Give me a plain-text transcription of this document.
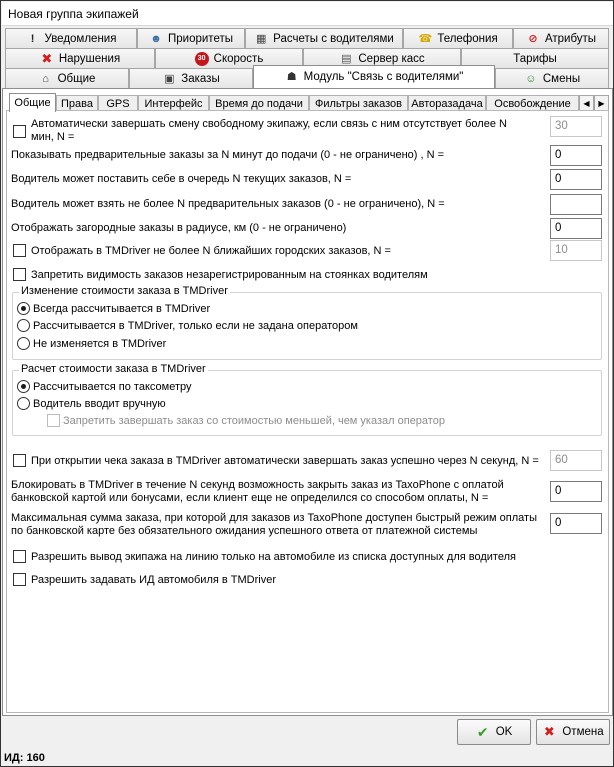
Новая группа экипажей
! Уведомления	☻ Приоритеты ▦ Расчеты с водителями ☎ Телефония	⊘ Атрибуты
✖ Нарушения	30 Скорость	▤ Сервер касс	Тарифы
⌂ Общие	▣ Заказы	☗ Модуль "Связь с водителями"	☺ Смены
Общие Права	GPS	Интерфейс	Время до подачи	Фильтры заказов Авторазадача	Освобождение	◀	▶
Автоматически завершать смену свободному экипажу, если связь с ним отсутствует более N мин, N =
30
Показывать предварительные заказы за N минут до подачи (0 - не ограничено) , N =	0
Водитель может поставить себе в очередь N текущих заказов, N =	0
Водитель может взять не более N предварительных заказов (0 - не ограничено), N =
Отображать загородные заказы в радиусе, км (0 - не ограничено)	0
Отображать в TMDriver не более N ближайших городских заказов, N =	10
Запретить видимость заказов незарегистрированным на стоянках водителям
Изменение стоимости заказа в TMDriver
Всегда рассчитывается в TMDriver
Рассчитывается в TMDriver, только если не задана оператором
Не изменяется в TMDriver
Расчет стоимости заказа в TMDriver
Рассчитывается по таксометру
Водитель вводит вручную
Запретить завершать заказ со стоимостью меньшей, чем указал оператор
При открытии чека заказа в TMDriver автоматически завершать заказ успешно через N секунд, N =	60
Блокировать в TMDriver в течение N секунд возможность закрыть заказ из TaxoPhone с оплатой банковской картой или бонусами, если клиент еще не определился со способом оплаты, N =
0
Максимальная сумма заказа, при которой для заказов из TaxoPhone доступен быстрый режим оплаты по банковской карте без обязательного ожидания успешного ответа от платежной системы
0
Разрешить вывод экипажа на линию только на автомобиле из списка доступных для водителя
Разрешить задавать ИД автомобиля в TMDriver
✔ OK ✖ Отмена
ИД: 160
